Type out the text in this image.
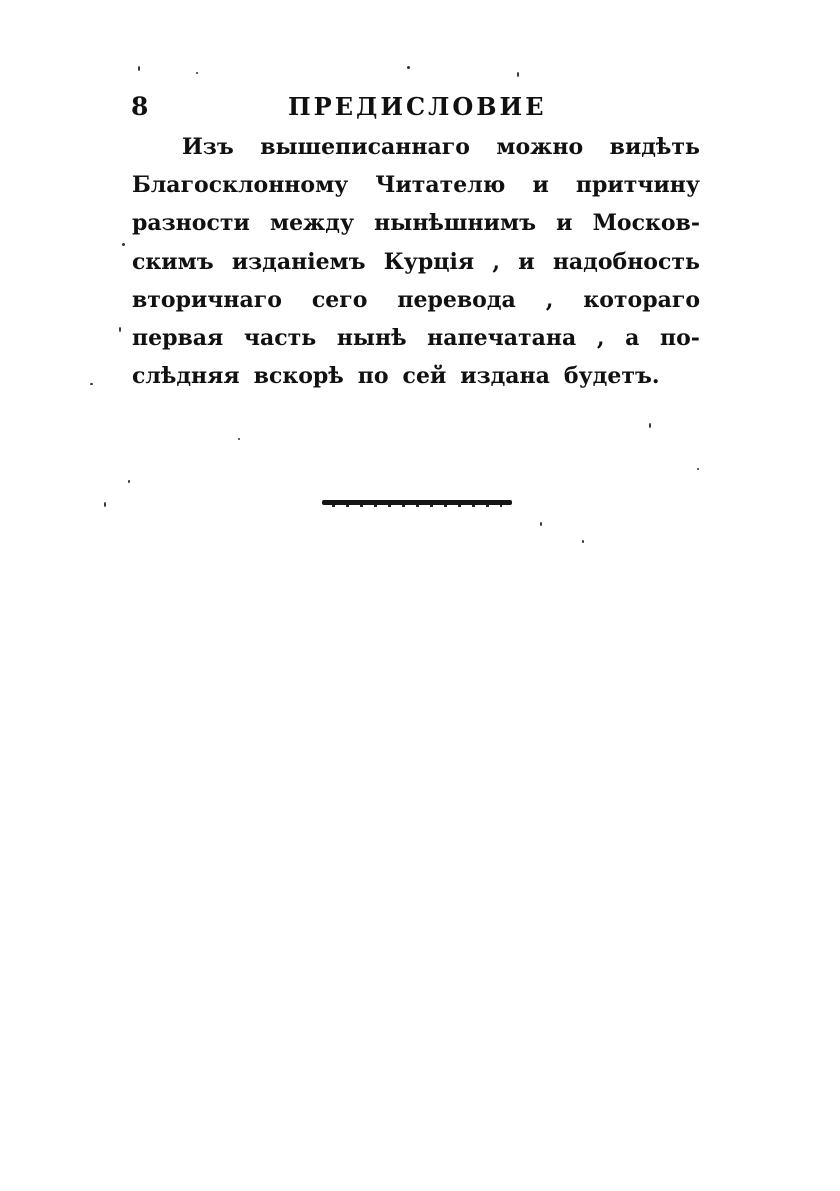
8	ПРЕДИСЛОВИЕ
Изъ вышеписаннаго можно видѣть
Благосклонному Читателю и притчину
разности между нынѣшнимъ и Москов-
скимъ изданіемъ Курція , и надобность
вторичнаго сего перевода , котораго
первая часть нынѣ напечатана , а по-
слѣдняя вскорѣ по сей издана будетъ.
